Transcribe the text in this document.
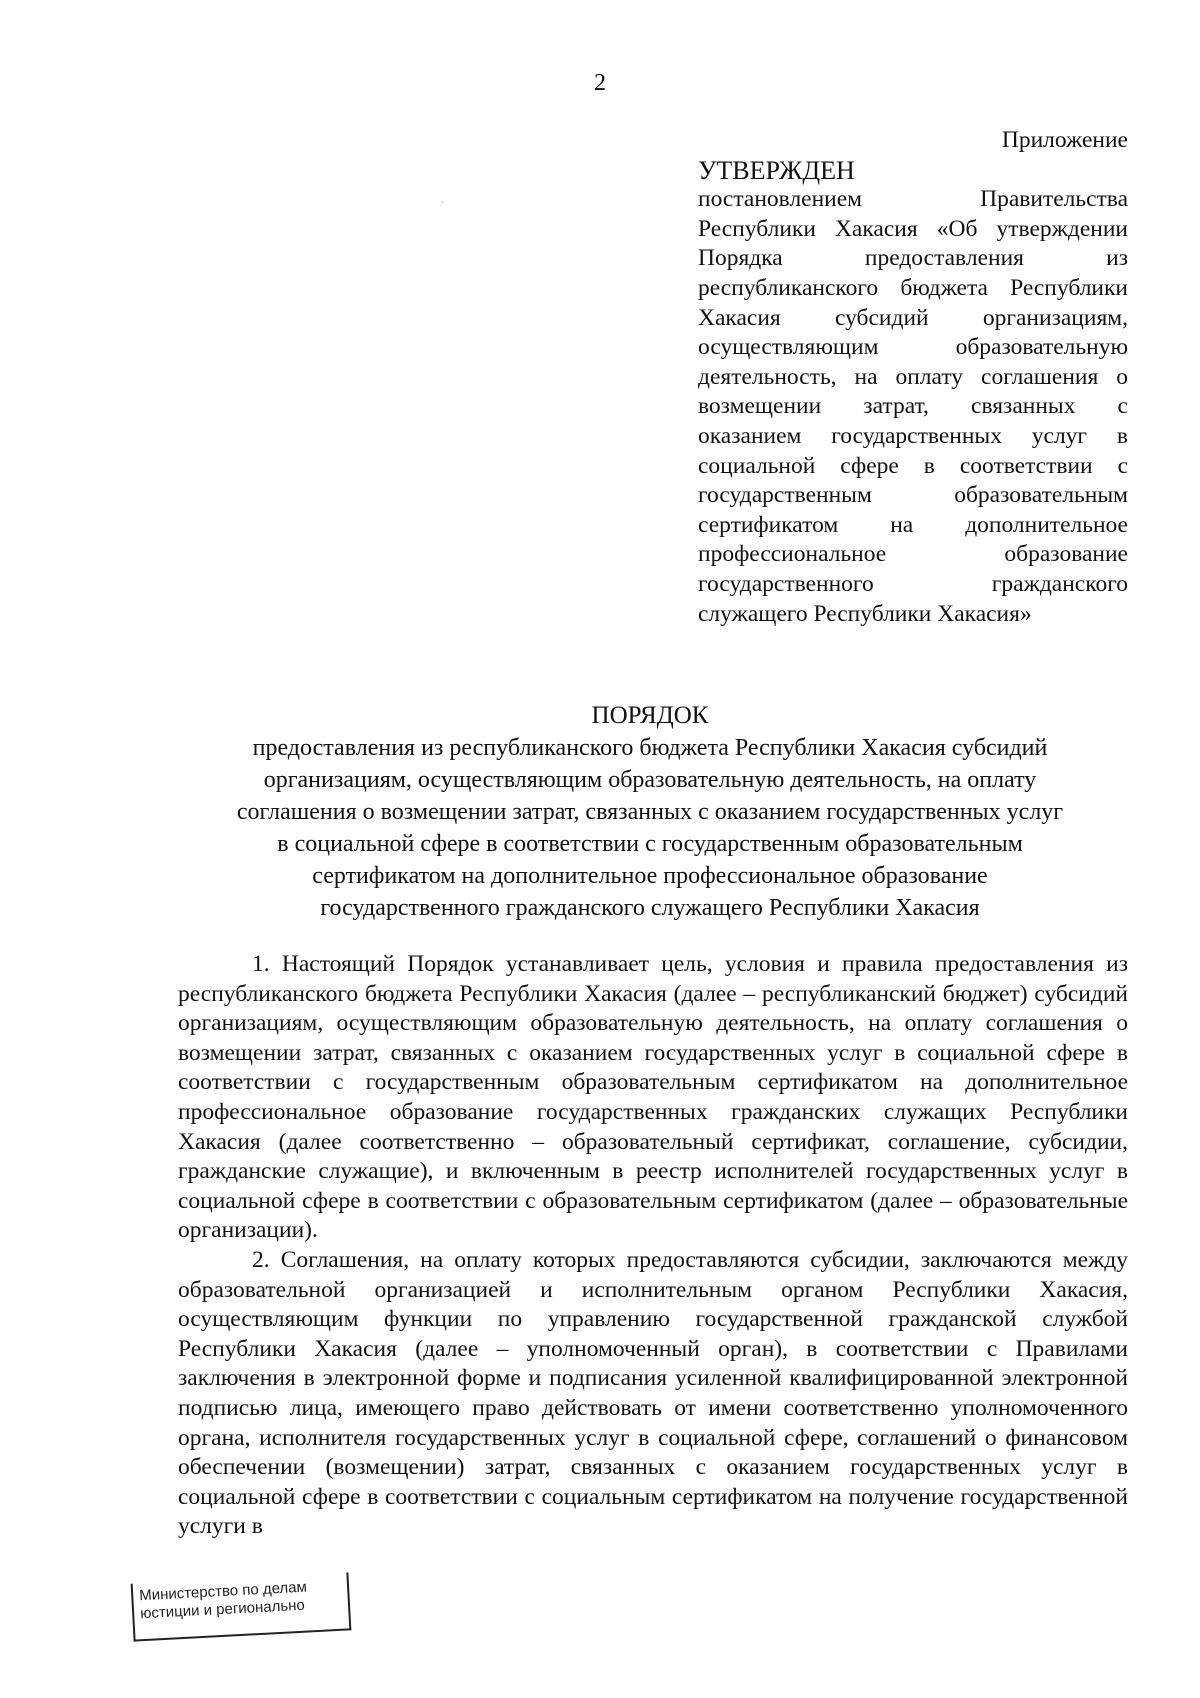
2
Приложение
УТВЕРЖДЕН
постановлением Правительства Республики Хакасия «Об утверждении Порядка предоставления из республиканского бюджета Республики Хакасия субсидий организациям, осуществляющим образовательную деятельность, на оплату соглашения о возмещении затрат, связанных с оказанием государственных услуг в социальной сфере в соответствии с государственным образовательным сертификатом на дополнительное профессиональное образование государственного гражданского служащего Республики Хакасия»
ПОРЯДОК
предоставления из республиканского бюджета Республики Хакасия субсидий
организациям, осуществляющим образовательную деятельность, на оплату
соглашения о возмещении затрат, связанных с оказанием государственных услуг
в социальной сфере в соответствии с государственным образовательным
сертификатом на дополнительное профессиональное образование
государственного гражданского служащего Республики Хакасия

1. Настоящий Порядок устанавливает цель, условия и правила предоставления из республиканского бюджета Республики Хакасия (далее – республиканский бюджет) субсидий организациям, осуществляющим образовательную деятельность, на оплату соглашения о возмещении затрат, связанных с оказанием государственных услуг в социальной сфере в соответствии с государственным образовательным сертификатом на дополнительное профессиональное образование государственных гражданских служащих Республики Хакасия (далее соответственно – образовательный сертификат, соглашение, субсидии, гражданские служащие), и включенным в реестр исполнителей государственных услуг в социальной сфере в соответствии с образовательным сертификатом (далее – образовательные организации).

2. Соглашения, на оплату которых предоставляются субсидии, заключаются между образовательной организацией и исполнительным органом Республики Хакасия, осуществляющим функции по управлению государственной гражданской службой Республики Хакасия (далее – уполномоченный орган), в соответствии с Правилами заключения в электронной форме и подписания усиленной квалифицированной электронной подписью лица, имеющего право действовать от имени соответственно уполномоченного органа, исполнителя государственных услуг в социальной сфере, соглашений о финансовом обеспечении (возмещении) затрат, связанных с оказанием государственных услуг в социальной сфере в соответствии с социальным сертификатом на получение государственной услуги в

Министерство по делам
юстиции и регионально
·
